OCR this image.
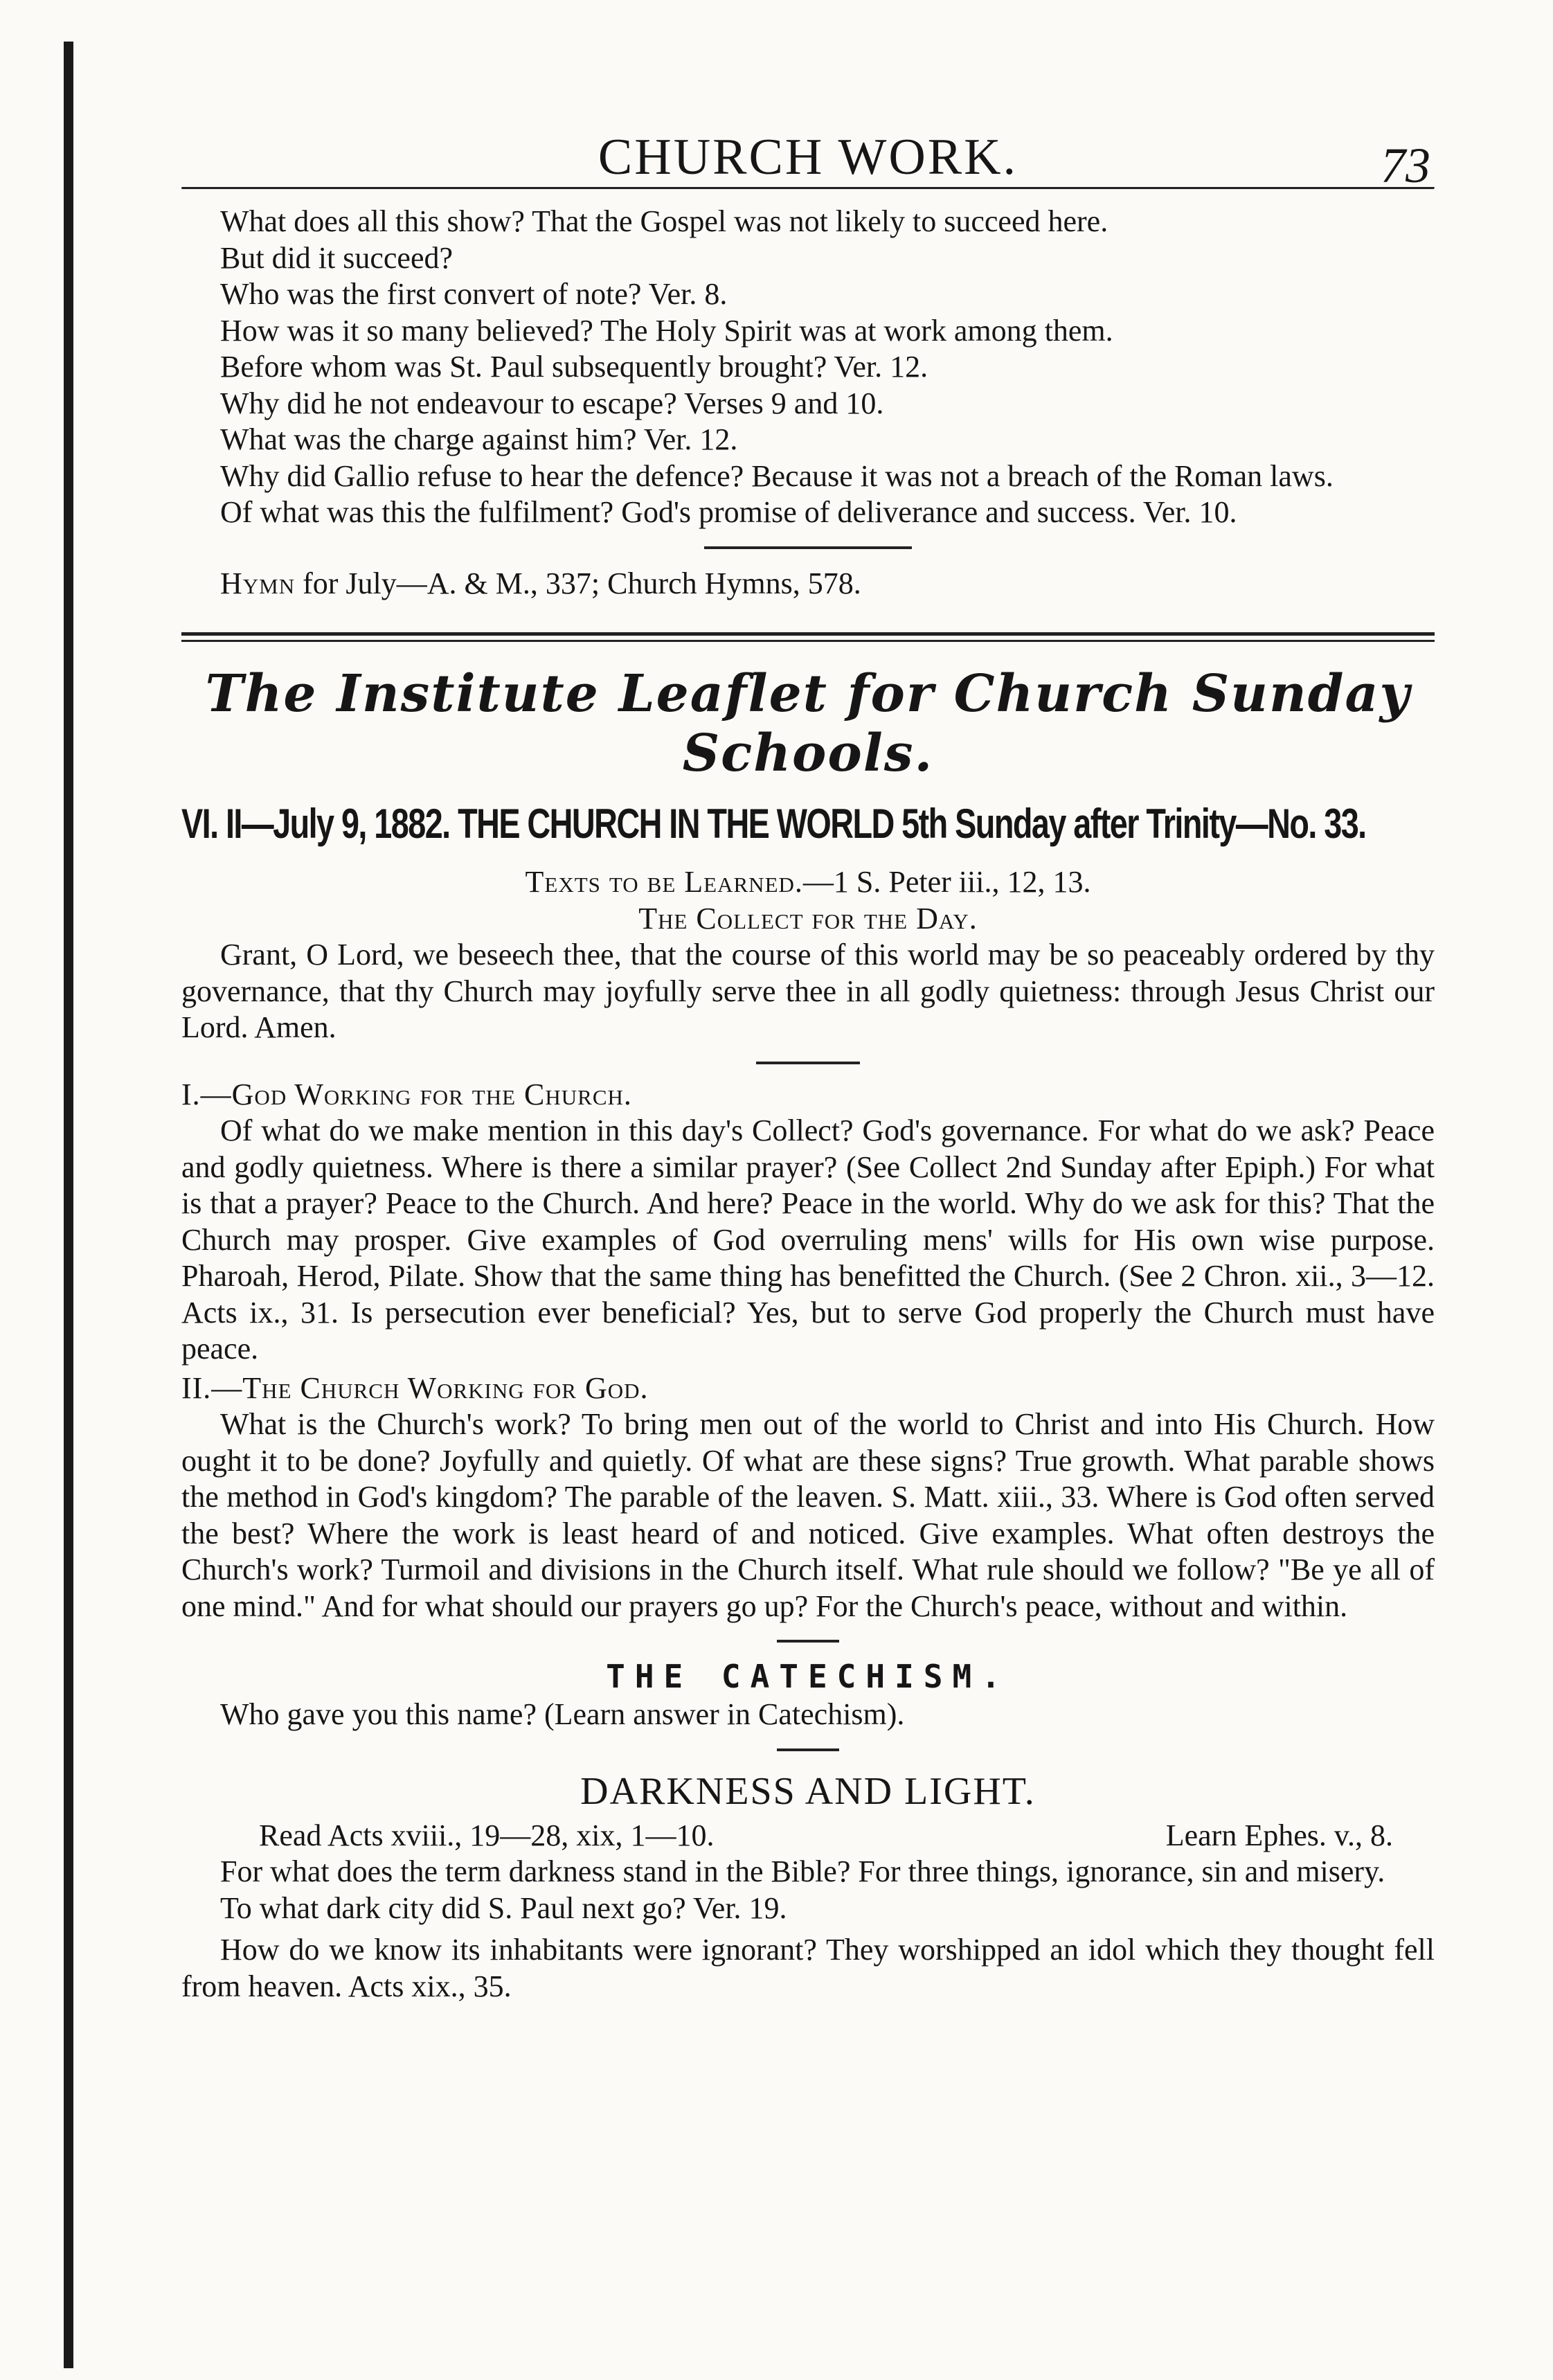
CHURCH WORK.	73

What does all this show? That the Gospel was not likely to succeed here.

But did it succeed?

Who was the first convert of note? Ver. 8.

How was it so many believed? The Holy Spirit was at work among them.

Before whom was St. Paul subsequently brought? Ver. 12.

Why did he not endeavour to escape? Verses 9 and 10.

What was the charge against him? Ver. 12.

Why did Gallio refuse to hear the defence? Because it was not a breach of the Roman laws.

Of what was this the fulfilment? God's promise of deliverance and success. Ver. 10.

Hymn for July—A. & M., 337; Church Hymns, 578.

The Institute Leaflet for Church Sunday Schools.
VI. II—July 9, 1882. THE CHURCH IN THE WORLD 5th Sunday after Trinity—No. 33.
Texts to be Learned.—1 S. Peter iii., 12, 13.
The Collect for the Day.

Grant, O Lord, we beseech thee, that the course of this world may be so peaceably ordered by thy governance, that thy Church may joyfully serve thee in all godly quietness: through Jesus Christ our Lord. Amen.

I.—God Working for the Church.

Of what do we make mention in this day's Collect? God's governance. For what do we ask? Peace and godly quietness. Where is there a similar prayer? (See Collect 2nd Sunday after Epiph.) For what is that a prayer? Peace to the Church. And here? Peace in the world. Why do we ask for this? That the Church may prosper. Give examples of God overruling mens' wills for His own wise purpose. Pharoah, Herod, Pilate. Show that the same thing has benefitted the Church. (See 2 Chron. xii., 3—12. Acts ix., 31. Is persecution ever beneficial? Yes, but to serve God properly the Church must have peace.

II.—The Church Working for God.

What is the Church's work? To bring men out of the world to Christ and into His Church. How ought it to be done? Joyfully and quietly. Of what are these signs? True growth. What parable shows the method in God's kingdom? The parable of the leaven. S. Matt. xiii., 33. Where is God often served the best? Where the work is least heard of and noticed. Give examples. What often destroys the Church's work? Turmoil and divisions in the Church itself. What rule should we follow? "Be ye all of one mind." And for what should our prayers go up? For the Church's peace, without and within.

THE CATECHISM.

Who gave you this name? (Learn answer in Catechism).

DARKNESS AND LIGHT.
Read Acts xviii., 19—28, xix, 1—10.	Learn Ephes. v., 8.

For what does the term darkness stand in the Bible? For three things, ignorance, sin and misery.

To what dark city did S. Paul next go? Ver. 19.

How do we know its inhabitants were ignorant? They worshipped an idol which they thought fell from heaven. Acts xix., 35.
